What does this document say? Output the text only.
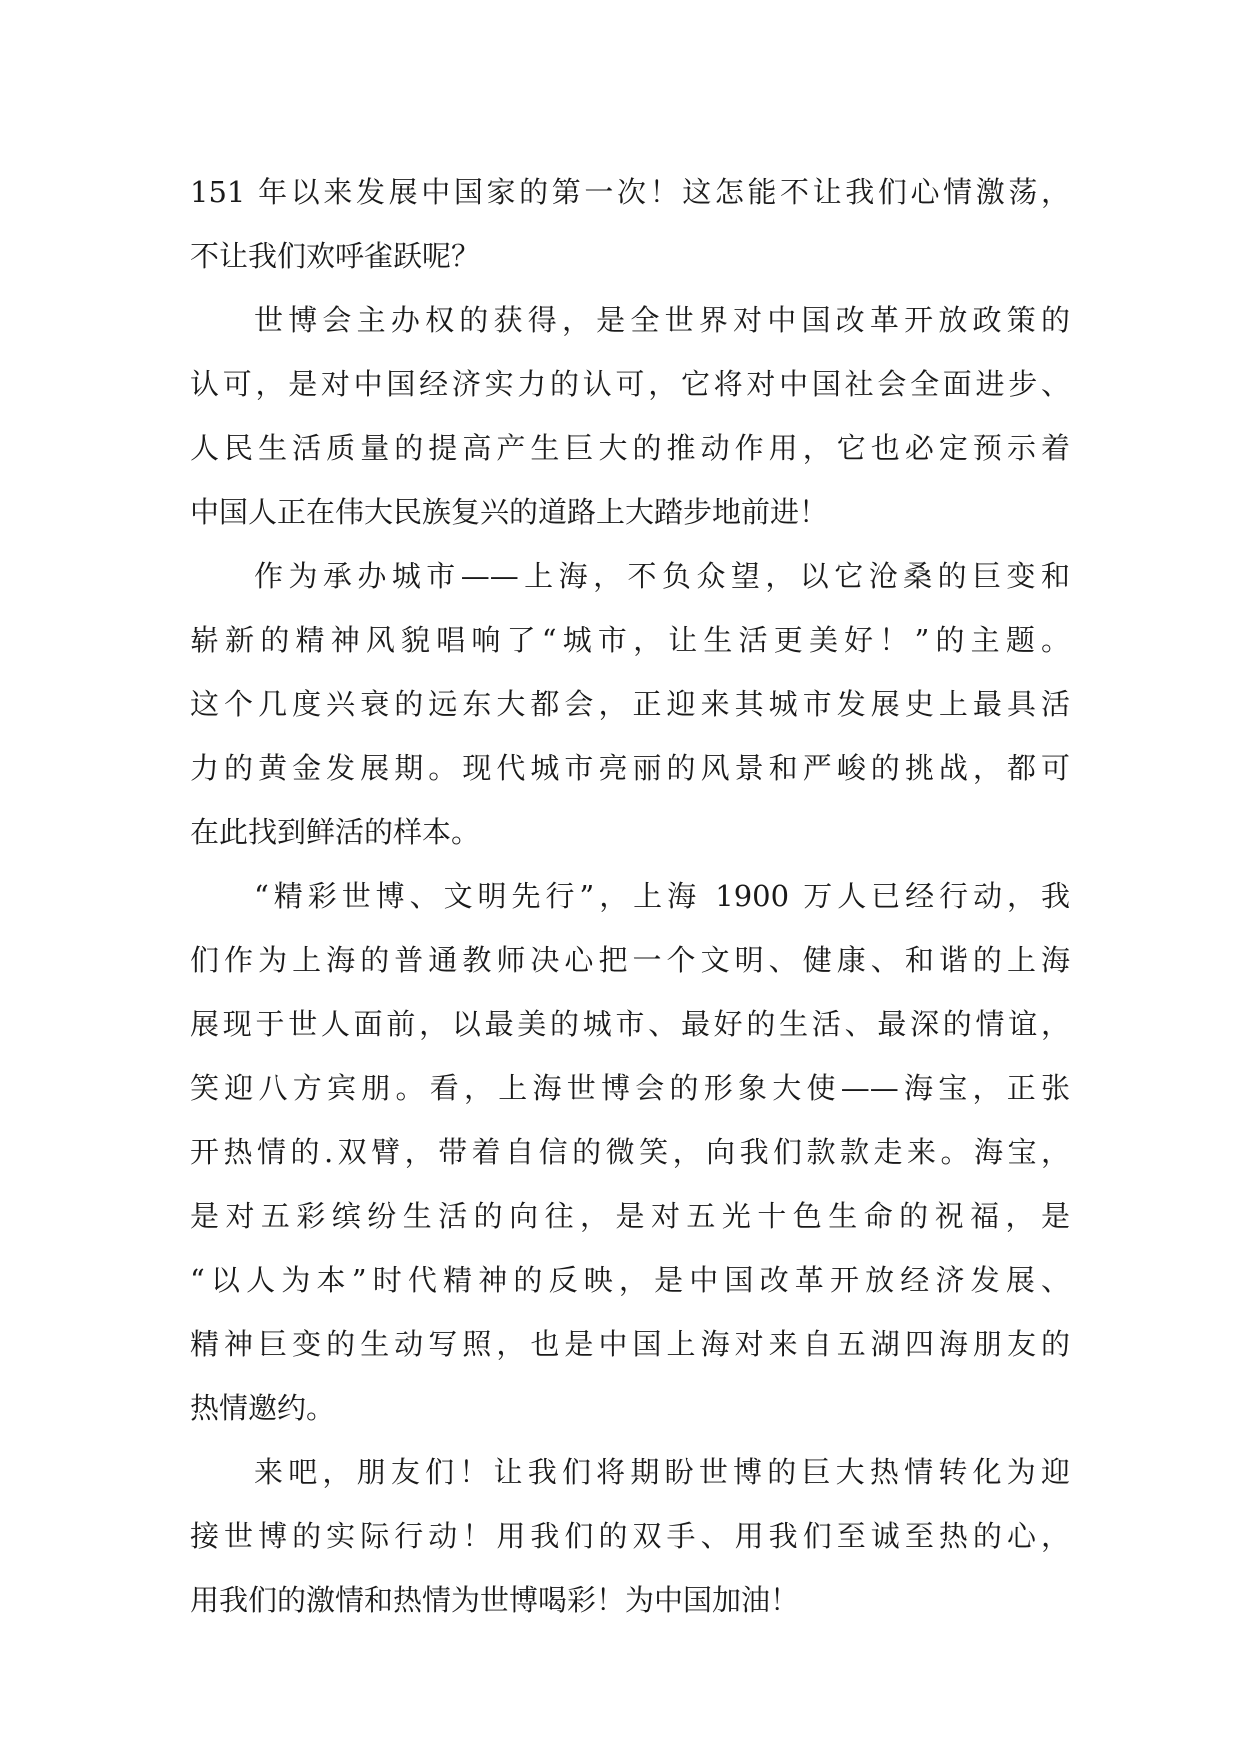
151 年以来发展中国家的第一次！这怎能不让我们心情激荡，
不让我们欢呼雀跃呢？
世博会主办权的获得，是全世界对中国改革开放政策的
认可，是对中国经济实力的认可，它将对中国社会全面进步、
人民生活质量的提高产生巨大的推动作用，它也必定预示着
中国人正在伟大民族复兴的道路上大踏步地前进！
作为承办城市——上海，不负众望，以它沧桑的巨变和
崭新的精神风貌唱响了“城市，让生活更美好！”的主题。
这个几度兴衰的远东大都会，正迎来其城市发展史上最具活
力的黄金发展期。现代城市亮丽的风景和严峻的挑战，都可
在此找到鲜活的样本。
“精彩世博、文明先行”，上海 1900 万人已经行动，我
们作为上海的普通教师决心把一个文明、健康、和谐的上海
展现于世人面前，以最美的城市、最好的生活、最深的情谊，
笑迎八方宾朋。看，上海世博会的形象大使——海宝，正张
开热情的.双臂，带着自信的微笑，向我们款款走来。海宝，
是对五彩缤纷生活的向往，是对五光十色生命的祝福，是
“以人为本”时代精神的反映，是中国改革开放经济发展、
精神巨变的生动写照，也是中国上海对来自五湖四海朋友的
热情邀约。
来吧，朋友们！让我们将期盼世博的巨大热情转化为迎
接世博的实际行动！用我们的双手、用我们至诚至热的心，
用我们的激情和热情为世博喝彩！为中国加油！
